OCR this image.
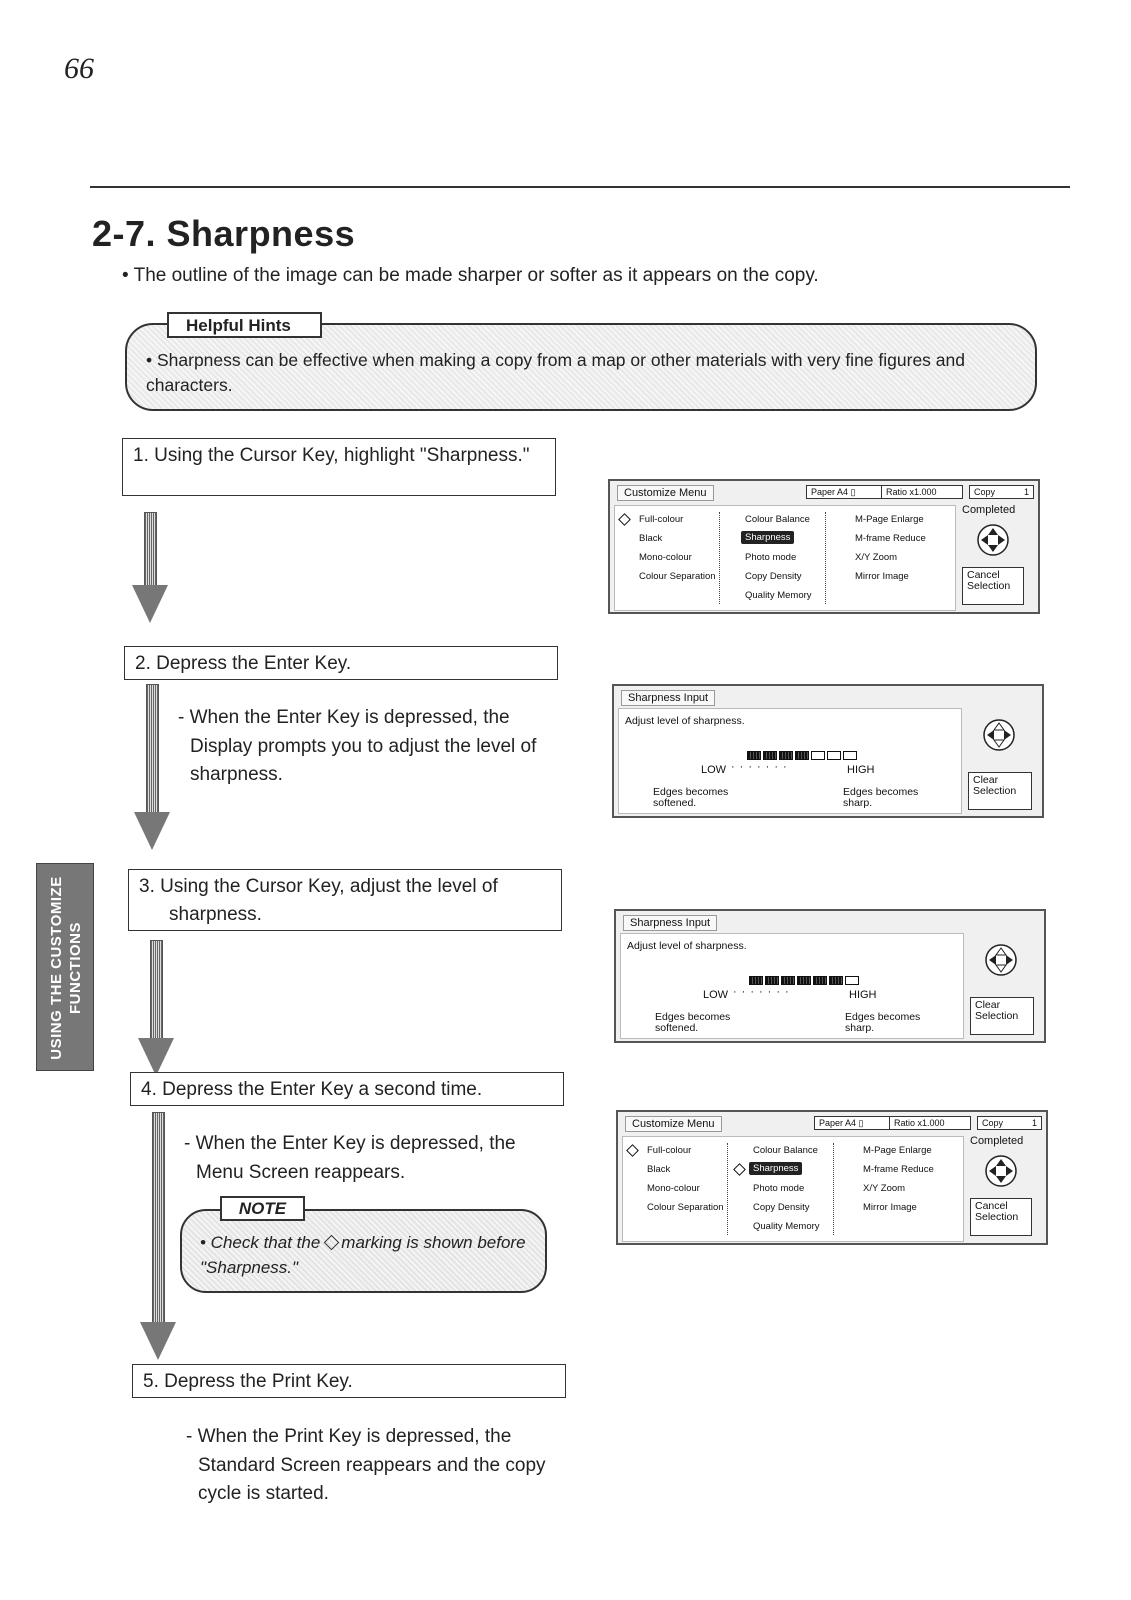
66
2-7. Sharpness
• The outline of the image can be made sharper or softer as it appears on the copy.
Helpful Hints
• Sharpness can be effective when making a copy from a map or other materials with very fine figures and characters.
USING THE CUSTOMIZE FUNCTIONS
1. Using the Cursor Key, highlight "Sharpness."
2. Depress the Enter Key.
- When the Enter Key is depressed, the Display prompts you to adjust the level of sharpness.
3. Using the Cursor Key, adjust the level of sharpness.
4. Depress the Enter Key a second time.
- When the Enter Key is depressed, the Menu Screen reappears.
NOTE
• Check that the marking is shown before "Sharpness."
5. Depress the Print Key.
- When the Print Key is depressed, the Standard Screen reappears and the copy cycle is started.
Customize Menu	Paper A4 ▯	Ratio x1.000	Copy	1
Full-colour
Black
Mono-colour
Colour Separation
Colour Balance
Sharpness
Photo mode
Copy Density
Quality Memory
M-Page Enlarge
M-frame Reduce
X/Y Zoom
Mirror Image
Completed
Cancel Selection
Sharpness Input
Adjust level of sharpness.
LOW ·······	HIGH
Edges becomes softened.
Edges becomes sharp.
Clear Selection
Sharpness Input
Adjust level of sharpness.
LOW ·······	HIGH
Edges becomes softened.
Edges becomes sharp.
Clear Selection
Customize Menu	Paper A4 ▯	Ratio x1.000	Copy	1
Full-colour
Black
Mono-colour
Colour Separation
Colour Balance
Sharpness
Photo mode
Copy Density
Quality Memory
M-Page Enlarge
M-frame Reduce
X/Y Zoom
Mirror Image
Completed
Cancel Selection
